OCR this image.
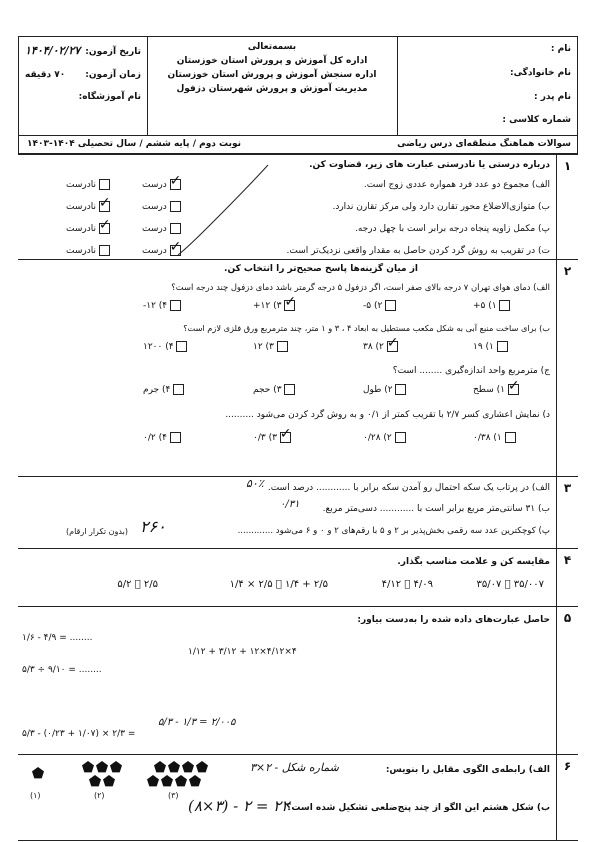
تاریخ آزمون:
۱۴۰۴/۰۲/۲۷
زمان آزمون:
۷۰ دقیقه
نام آموزشگاه:
بسمه‌تعالی
اداره کل آموزش و پرورش استان خوزستان
اداره سنجش آموزش و پرورش استان خوزستان
مدیریت آموزش و پرورش شهرستان دزفول
نام :
نام خانوادگی:
نام پدر :
شماره کلاسی :
سوالات هماهنگ منطقه‌ای درس ریاضی
نوبت دوم / پایه ششم / سال تحصیلی ۱۴۰۴-۱۴۰۳
۱
درباره درستی یا نادرستی عبارت های زیر، قضاوت کن.
الف) مجموع دو عدد فرد همواره عددی زوج است.
ب) متوازی‌الاضلاع محور تقارن دارد ولی مرکز تقارن ندارد.
پ) مکمل زاویه پنجاه درجه برابر است با چهل درجه.
ت) در تقریب به روش گرد کردن حاصل به مقدار واقعی نزدیک‌تر است.
✓ درست
نادرست
درست
✓ نادرست
درست
✓ نادرست
✓ درست
نادرست
۲
از میان گزینه‌ها پاسخ صحیح‌تر را انتخاب کن.
الف) دمای هوای تهران ۷ درجه بالای صفر است، اگر دزفول ۵ درجه گرمتر باشد دمای دزفول چند درجه است؟
۱) ۵+
۲) ۵-
✓ ۳) ۱۲+
۴) ۱۲-
ب) برای ساخت منبع آبی به شکل مکعب مستطیل به ابعاد ۴ ، ۳ و ۱ متر، چند مترمربع ورق فلزی لازم است؟
۱) ۱۹
✓ ۲) ۳۸
۳) ۱۲
۴) ۱۲۰۰
ج) مترمربع واحد اندازه‌گیری ........ است؟
✓ ۱) سطح
۲) طول
۳) حجم
۴) جرم
د) نمایش اعشاری کسر ۲/۷ با تقریب کمتر از ۰/۱ و به روش گرد کردن می‌شود ..........
۱) ۰/۳۸
۲) ۰/۲۸
✓ ۳) ۰/۳
۴) ۰/۲
۳
الف) در پرتاب یک سکه احتمال رو آمدن سکه برابر با ............ درصد است.
۵۰٪
ب) ۳۱ سانتی‌متر مربع برابر است با ............ دسی‌متر مربع.
۰/۳۱
پ) کوچکترین عدد سه رقمی بخش‌پذیر بر ۲ و ۵ با رقم‌های ۲ و ۰ و ۶ می‌شود .............
(بدون تکرار ارقام) ۲۶۰
۴
مقایسه کن و علامت مناسب بگذار.
۳۵/۰۰۷ ⃞ ۳۵/۰۷
۴/۰۹ ⃞ ۴/۱۲
۲/۵ + ۱/۴ ⃞ ۲/۵ × ۱/۴
۲/۵ ⃞ ۵/۲
۵
حاصل عبارت‌های داده شده را به‌دست بیاور:
۱/۶ - ۴/۹ = ........
۵/۳ ÷ ۹/۱۰ = ........
۱/۱۲ + ۳/۱۲ + ۱۲×۴/۱۲×۴
۵/۳ - (۰/۲۳ + ۱/۰۷) × ۲/۳ =
۵/۳ - ۱/۳ = ۲/۰۰۵
۶
الف) رابطه‌ی الگوی مقابل را بنویس:
۳×شماره شکل - ۲
ب) شکل هشتم این الگو از چند پنج‌ضلعی تشکیل شده است؟
(۸×۳) - ۲ = ۲۲
(۱)	(۲)	(۳)
